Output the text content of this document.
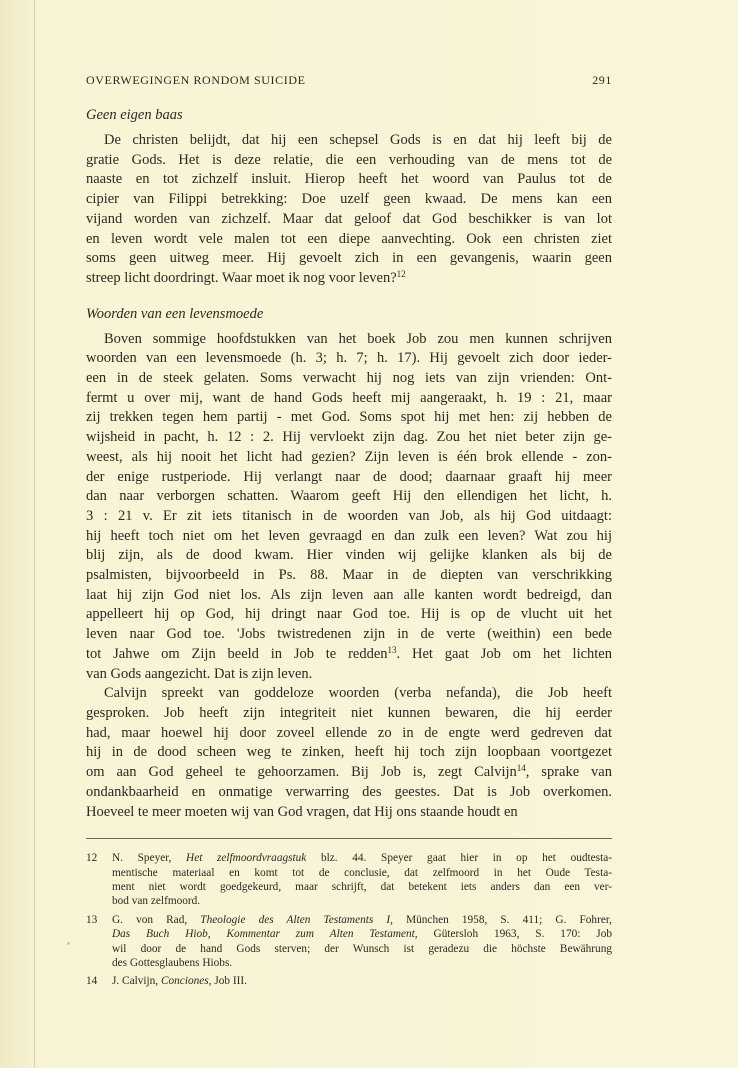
OVERWEGINGEN RONDOM SUICIDE	291
Geen eigen baas

De christen belijdt, dat hij een schepsel Gods is en dat hij leeft bij de
gratie Gods. Het is deze relatie, die een verhouding van de mens tot de
naaste en tot zichzelf insluit. Hierop heeft het woord van Paulus tot de
cipier van Filippi betrekking: Doe uzelf geen kwaad. De mens kan een
vijand worden van zichzelf. Maar dat geloof dat God beschikker is van lot
en leven wordt vele malen tot een diepe aanvechting. Ook een christen ziet
soms geen uitweg meer. Hij gevoelt zich in een gevangenis, waarin geen
streep licht doordringt. Waar moet ik nog voor leven?$^{12}$

Woorden van een levensmoede

Boven sommige hoofdstukken van het boek Job zou men kunnen schrijven
woorden van een levensmoede (h. 3; h. 7; h. 17). Hij gevoelt zich door ieder-
een in de steek gelaten. Soms verwacht hij nog iets van zijn vrienden: Ont-
fermt u over mij, want de hand Gods heeft mij aangeraakt, h. 19 : 21, maar
zij trekken tegen hem partij - met God. Soms spot hij met hen: zij hebben de
wijsheid in pacht, h. 12 : 2. Hij vervloekt zijn dag. Zou het niet beter zijn ge-
weest, als hij nooit het licht had gezien? Zijn leven is één brok ellende - zon-
der enige rustperiode. Hij verlangt naar de dood; daarnaar graaft hij meer
dan naar verborgen schatten. Waarom geeft Hij den ellendigen het licht, h.
3 : 21 v. Er zit iets titanisch in de woorden van Job, als hij God uitdaagt:
hij heeft toch niet om het leven gevraagd en dan zulk een leven? Wat zou hij
blij zijn, als de dood kwam. Hier vinden wij gelijke klanken als bij de
psalmisten, bijvoorbeeld in Ps. 88. Maar in de diepten van verschrikking
laat hij zijn God niet los. Als zijn leven aan alle kanten wordt bedreigd, dan
appelleert hij op God, hij dringt naar God toe. Hij is op de vlucht uit het
leven naar God toe. 'Jobs twistredenen zijn in de verte (weithin) een bede
tot Jahwe om Zijn beeld in Job te redden$^{13}$. Het gaat Job om het lichten
van Gods aangezicht. Dat is zijn leven.

Calvijn spreekt van goddeloze woorden (verba nefanda), die Job heeft
gesproken. Job heeft zijn integriteit niet kunnen bewaren, die hij eerder
had, maar hoewel hij door zoveel ellende zo in de engte werd gedreven dat
hij in de dood scheen weg te zinken, heeft hij toch zijn loopbaan voortgezet
om aan God geheel te gehoorzamen. Bij Job is, zegt Calvijn$^{14}$, sprake van
ondankbaarheid en onmatige verwarring des geestes. Dat is Job overkomen.
Hoeveel te meer moeten wij van God vragen, dat Hij ons staande houdt en

12 N. Speyer, Het zelfmoordvraagstuk blz. 44. Speyer gaat hier in op het oudtesta-
mentische materiaal en komt tot de conclusie, dat zelfmoord in het Oude Testa-
ment niet wordt goedgekeurd, maar schrijft, dat betekent iets anders dan een ver-
bod van zelfmoord.
13 G. von Rad, Theologie des Alten Testaments I, München 1958, S. 411; G. Fohrer,
Das Buch Hiob, Kommentar zum Alten Testament, Gütersloh 1963, S. 170: Job
wil door de hand Gods sterven; der Wunsch ist geradezu die höchste Bewährung
des Gottesglaubens Hiobs.
14 J. Calvijn, Conciones, Job III.
